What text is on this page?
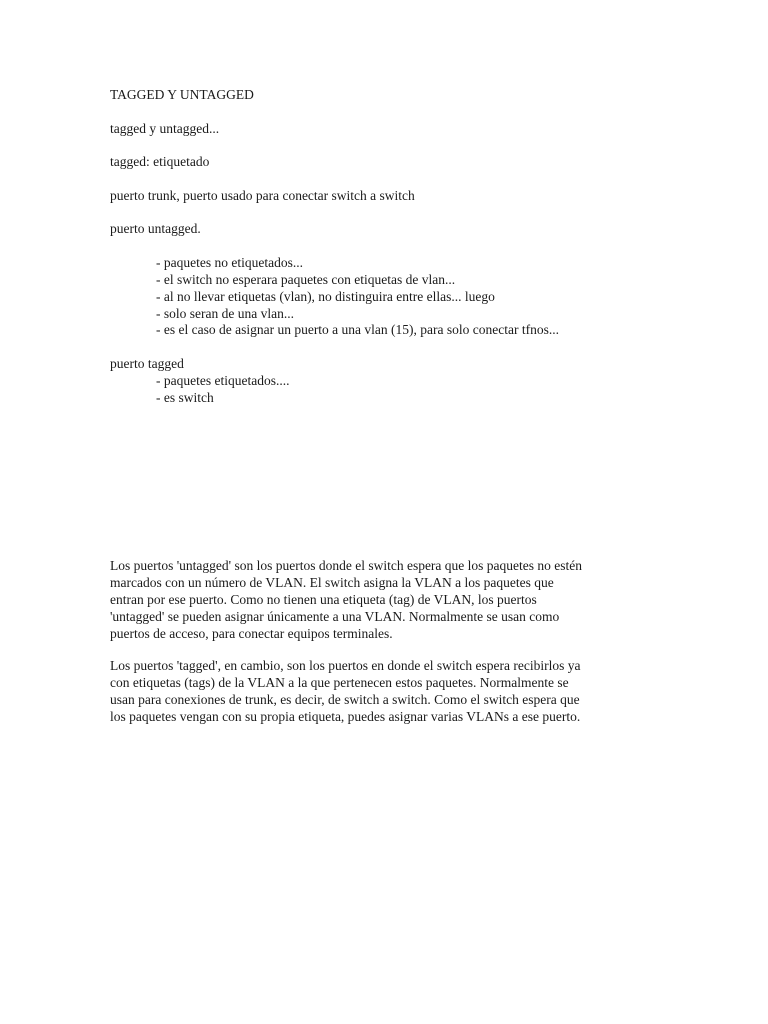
TAGGED Y UNTAGGED
tagged y untagged...
tagged: etiquetado
puerto trunk, puerto usado para conectar switch a switch
puerto untagged.
- paquetes no etiquetados...
- el switch no esperara paquetes con etiquetas de vlan...
- al no llevar etiquetas (vlan), no distinguira entre ellas... luego
- solo seran de una vlan...
- es el caso de asignar un puerto a una vlan (15), para solo conectar tfnos...
puerto tagged
- paquetes etiquetados....
- es switch
Los puertos 'untagged' son los puertos donde el switch espera que los paquetes no estén
marcados con un número de VLAN. El switch asigna la VLAN a los paquetes que
entran por ese puerto. Como no tienen una etiqueta (tag) de VLAN, los puertos
'untagged' se pueden asignar únicamente a una VLAN. Normalmente se usan como
puertos de acceso, para conectar equipos terminales.
Los puertos 'tagged', en cambio, son los puertos en donde el switch espera recibirlos ya
con etiquetas (tags) de la VLAN a la que pertenecen estos paquetes. Normalmente se
usan para conexiones de trunk, es decir, de switch a switch. Como el switch espera que
los paquetes vengan con su propia etiqueta, puedes asignar varias VLANs a ese puerto.
